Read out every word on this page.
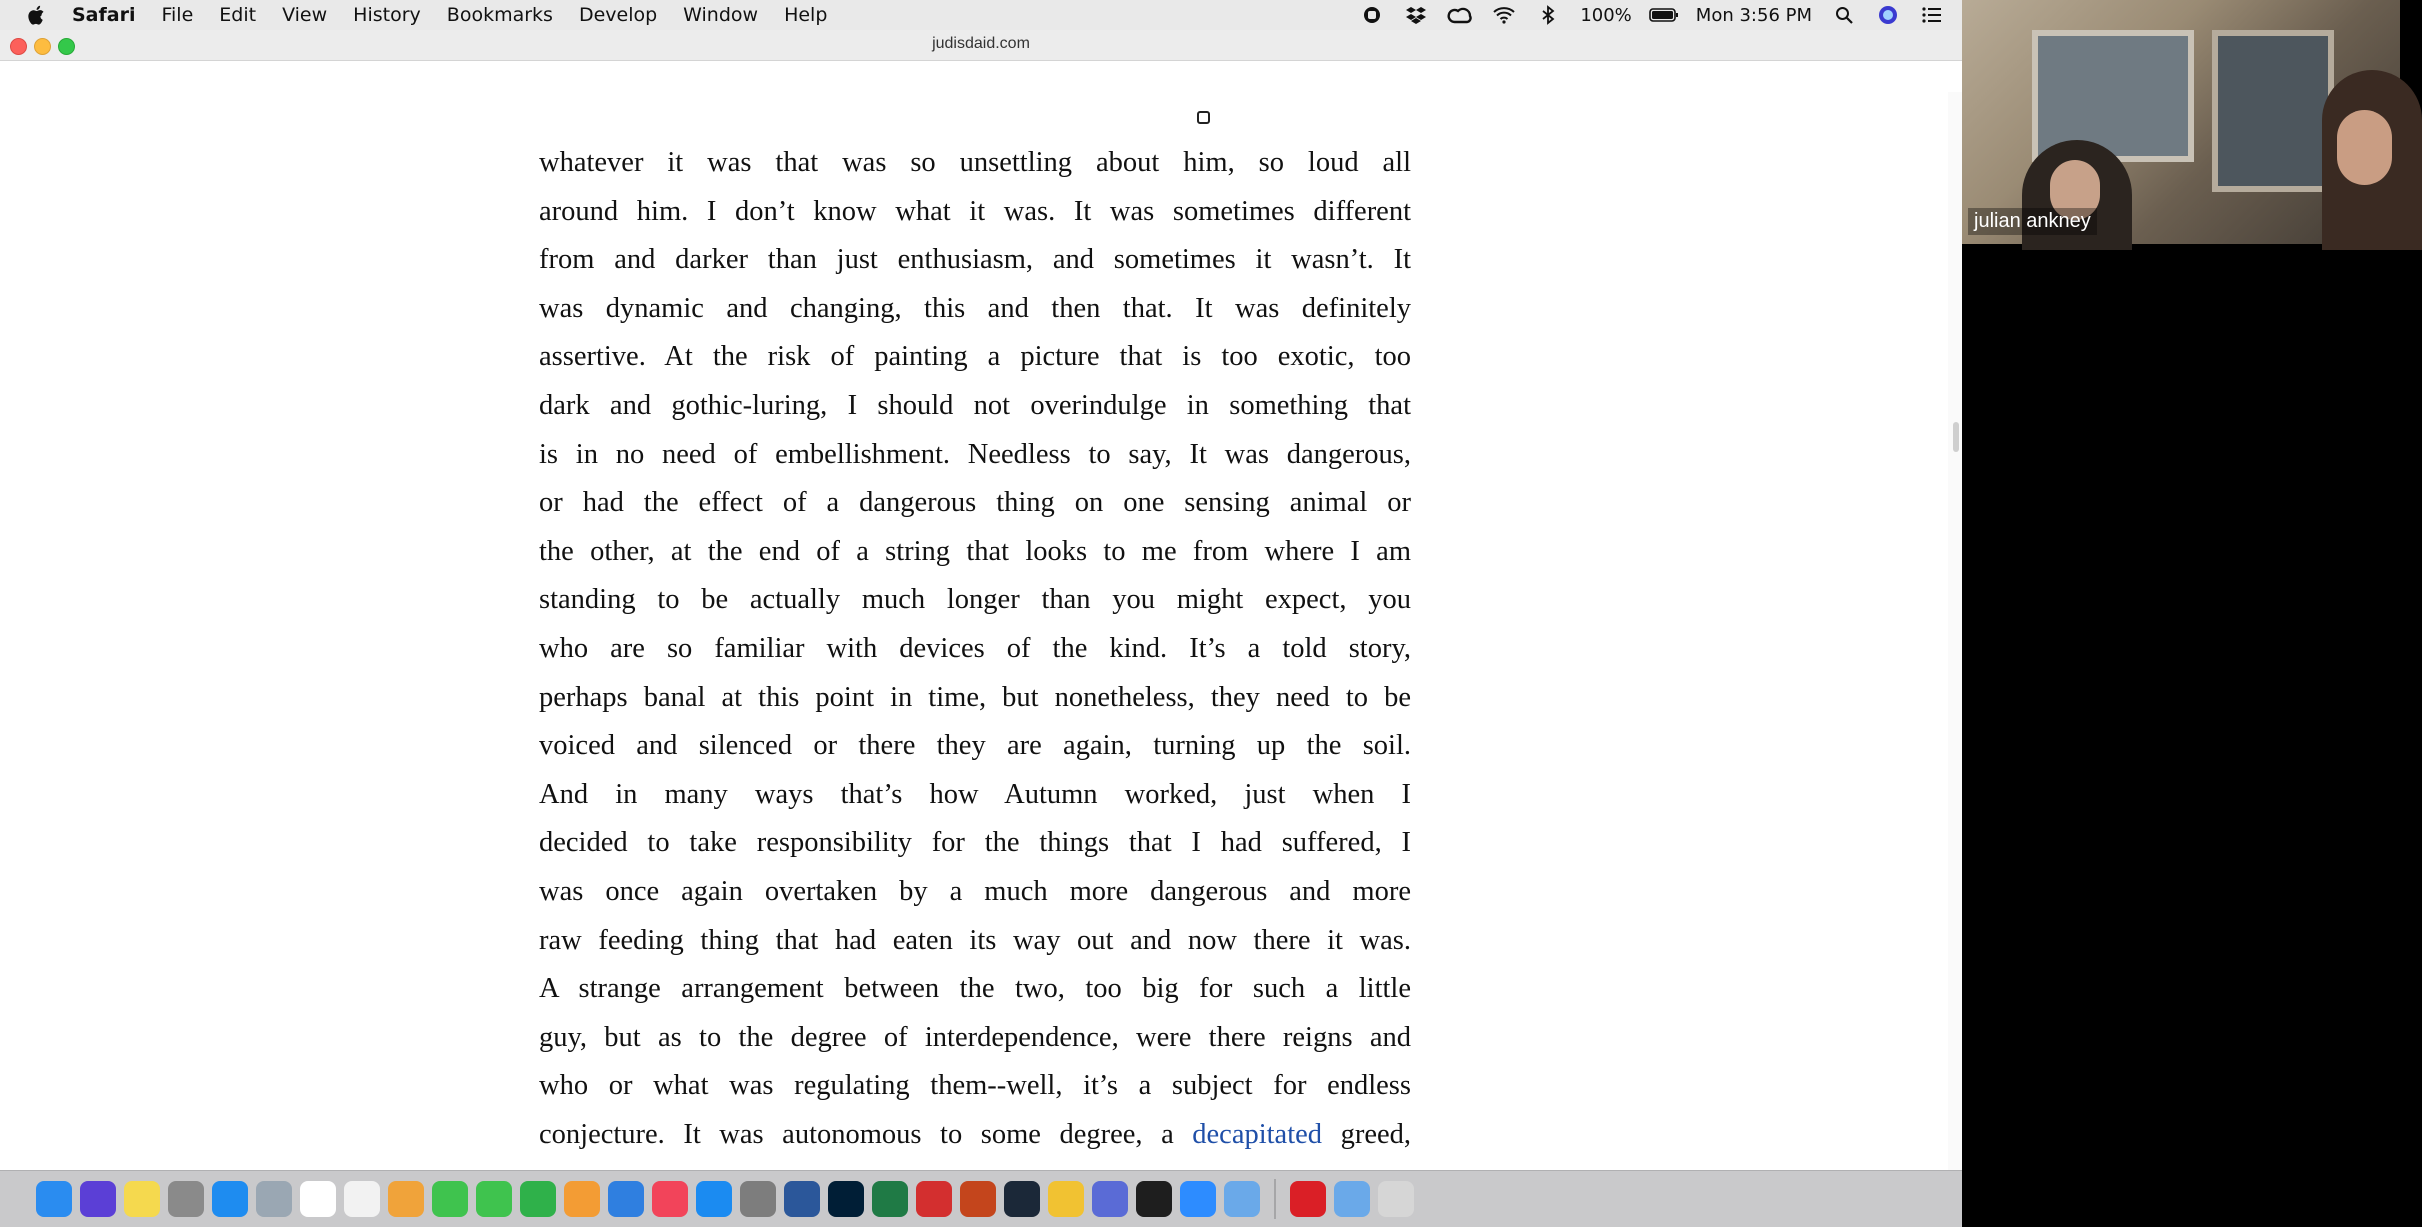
Safari File Edit View History Bookmarks Develop Window Help	100%	Mon 3:56 PM
judisdaid.com
whatever it was that was so unsettling about him, so loud all
around him. I don’t know what it was. It was sometimes different
from and darker than just enthusiasm, and sometimes it wasn’t. It
was dynamic and changing, this and then that. It was definitely
assertive. At the risk of painting a picture that is too exotic, too
dark and gothic-luring, I should not overindulge in something that
is in no need of embellishment. Needless to say, It was dangerous,
or had the effect of a dangerous thing on one sensing animal or
the other, at the end of a string that looks to me from where I am
standing to be actually much longer than you might expect, you
who are so familiar with devices of the kind. It’s a told story,
perhaps banal at this point in time, but nonetheless, they need to be
voiced and silenced or there they are again, turning up the soil.
And in many ways that’s how Autumn worked, just when I
decided to take responsibility for the things that I had suffered, I
was once again overtaken by a much more dangerous and more
raw feeding thing that had eaten its way out and now there it was.
A strange arrangement between the two, too big for such a little
guy, but as to the degree of interdependence, were there reigns and
who or what was regulating them--well, it’s a subject for endless
conjecture. It was autonomous to some degree, a decapitated greed,
julian ankney
